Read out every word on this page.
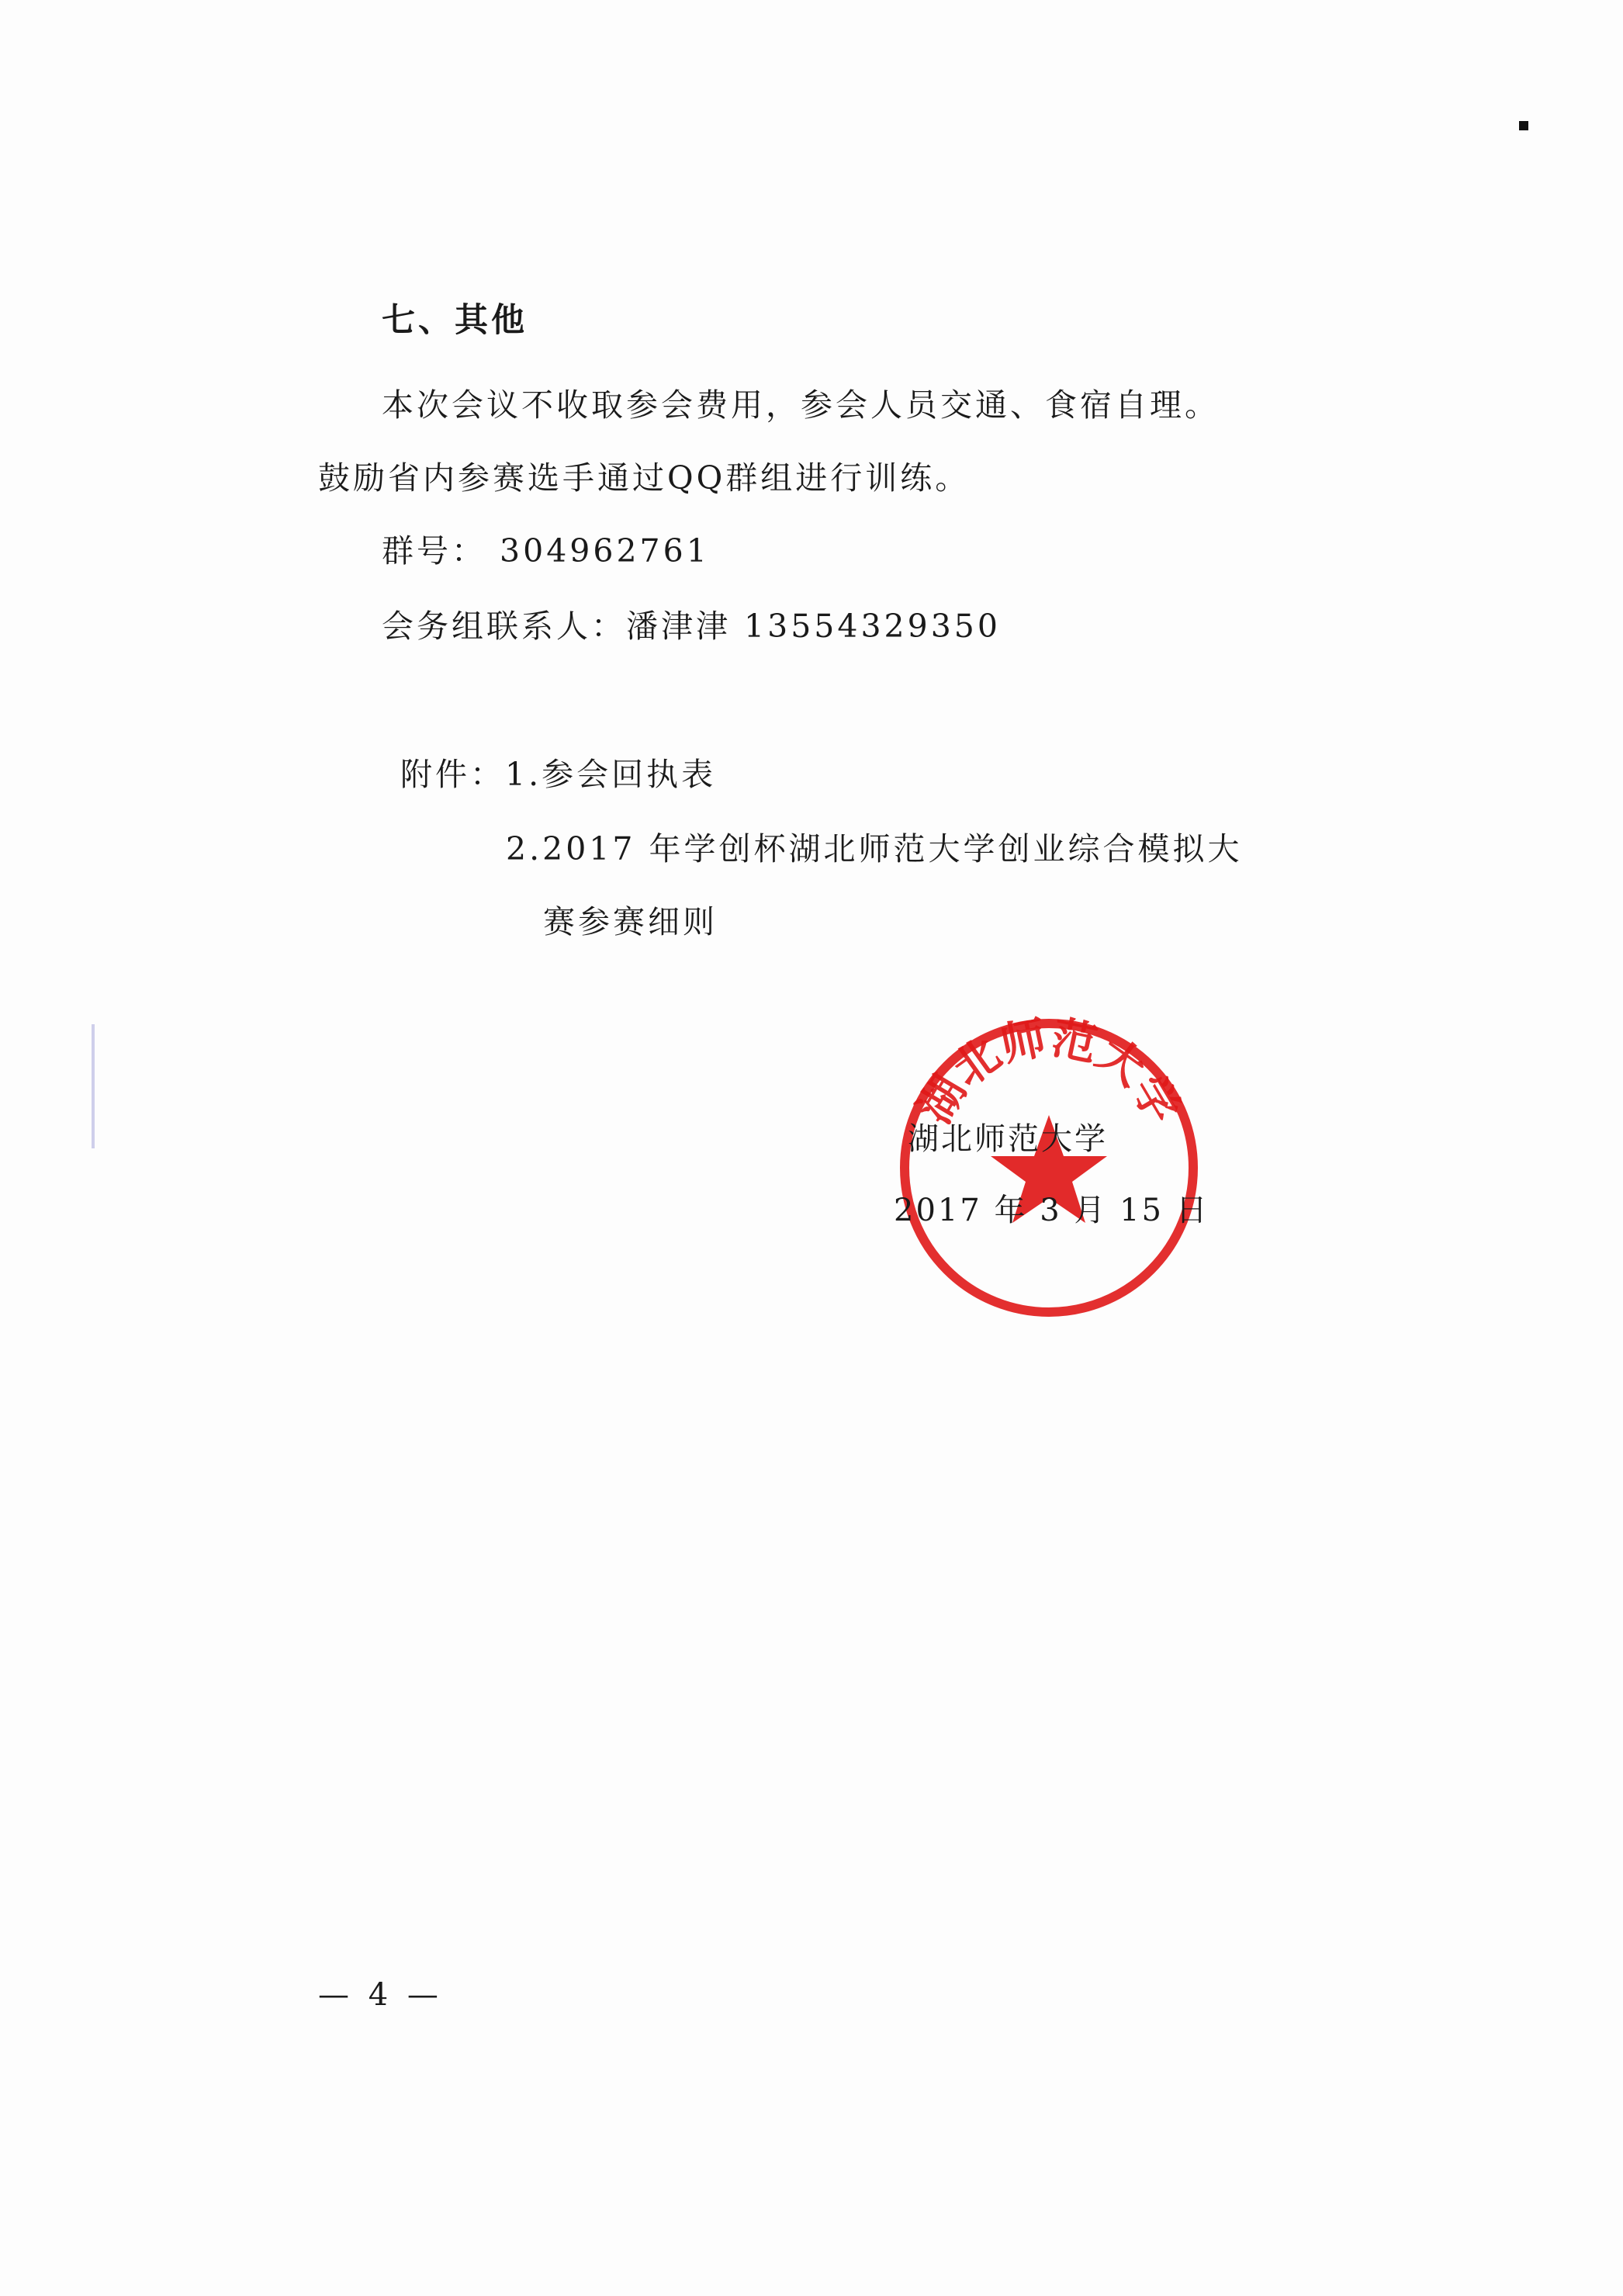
七、其他
本次会议不收取参会费用，参会人员交通、食宿自理。
鼓励省内参赛选手通过QQ群组进行训练。
群号： 304962761
会务组联系人：潘津津 13554329350
附件：1.参会回执表
2.2017 年学创杯湖北师范大学创业综合模拟大
赛参赛细则
湖北师范大学
湖北师范大学
2017 年 3 月 15 日
— 4 —
